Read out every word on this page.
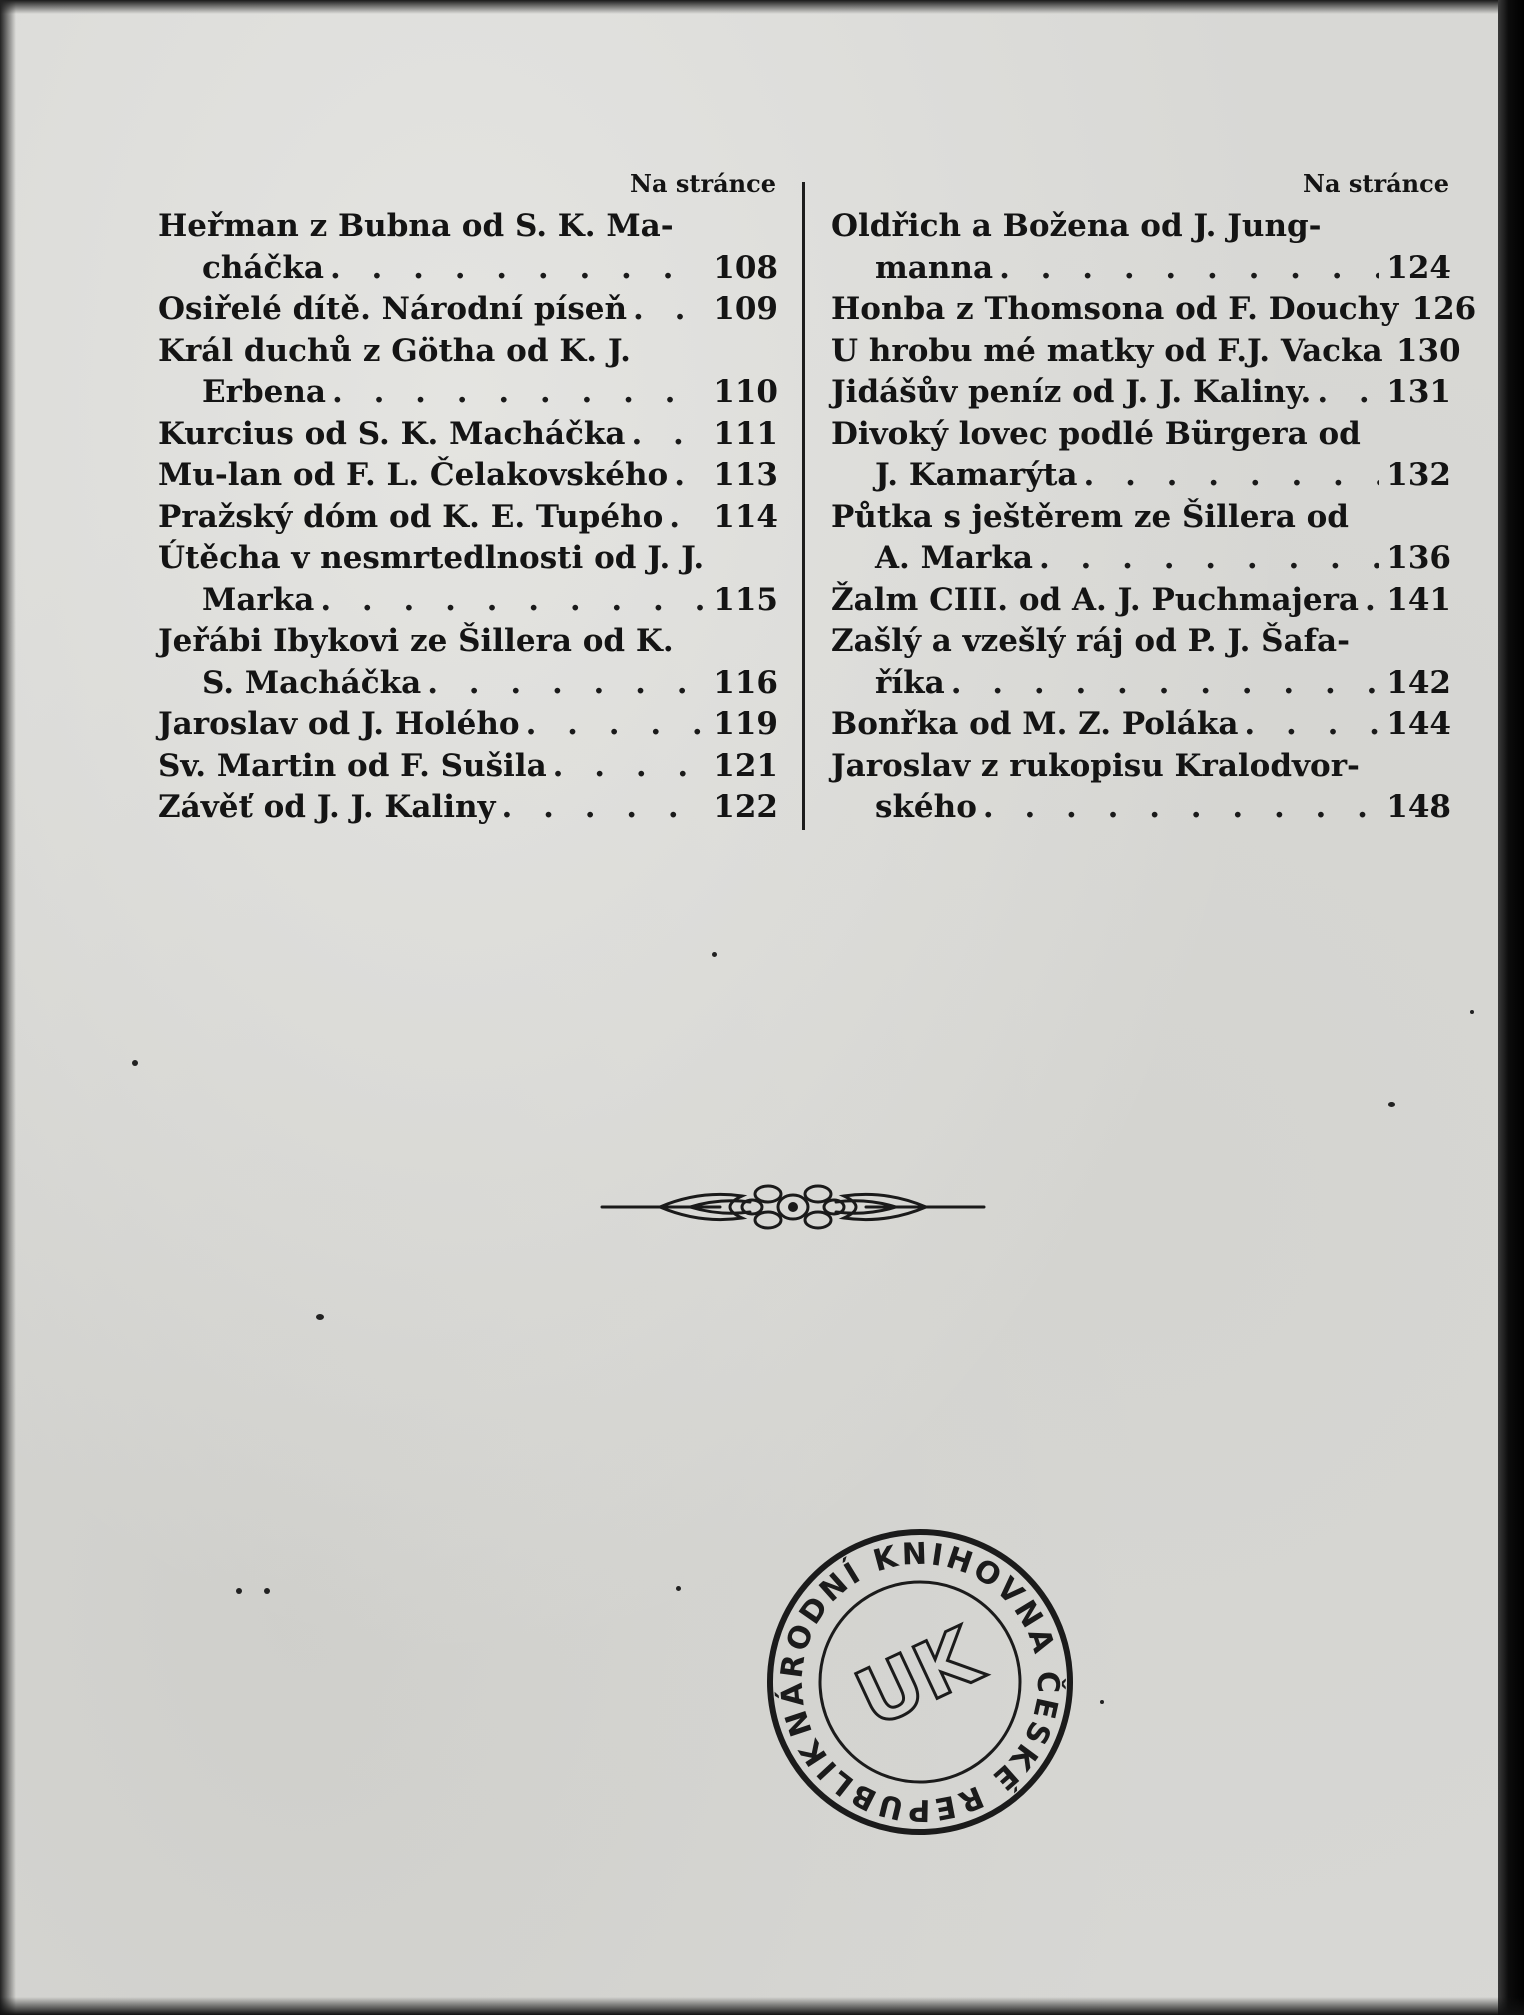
Na stránce
Heřman z Bubna od S. K. Ma-
cháčka . . .	108
Osiřelé dítě. Národní píseň . . .	109
Král duchů z Götha od K. J.
Erbena . . .	110
Kurcius od S. K. Macháčka . . .	111
Mu-lan od F. L. Čelakovského . . . 113
Pražský dóm od K. E. Tupého . . . 114
Útěcha v nesmrtedlnosti od J. J.
Marka . . .	115
Jeřábi Ibykovi ze Šillera od K.
S. Macháčka . . .	116
Jaroslav od J. Holého . . .	119
Sv. Martin od F. Sušila . . .	121
Závěť od J. J. Kaliny . . .	122
Na stránce
Oldřich a Božena od J. Jung-
manna . . .	124
Honba z Thomsona od F. Douchy 126
U hrobu mé matky od F.J. Vacka 130
Jidášův peníz od J. J. Kaliny. . . . 131
Divoký lovec podlé Bürgera od
J. Kamarýta . . .	132
Půtka s ještěrem ze Šillera od
A. Marka . . .	136
Žalm CIII. od A. J. Puchmajera . . . 141
Zašlý a vzešlý ráj od P. J. Šafa-
říka . . .	142
Bonřka od M. Z. Poláka . . .	144
Jaroslav z rukopisu Kralodvor-
ského . . .	148
NÁRODNÍ KNIHOVNA ČESKÉ REPUBLIKY
UK
